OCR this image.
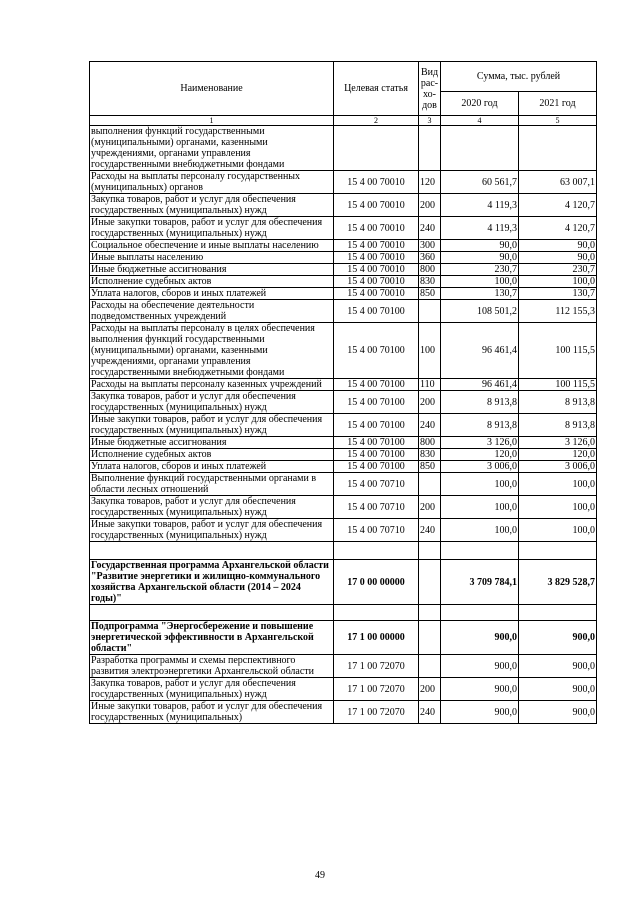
Наименование	Целевая статья	Вид рас- хо- дов	Сумма, тыс. рублей	
			2020 год	2021 год
1	2	3	4	5
выполнения функций государственными (муниципальными) органами, казенными учреждениями, органами управления государственными внебюджетными фондами				
Расходы на выплаты персоналу государственных (муниципальных) органов	15 4 00 70010	120	60 561,7	63 007,1
Закупка товаров, работ и услуг для обеспечения государственных (муниципальных) нужд	15 4 00 70010	200	4 119,3	4 120,7
Иные закупки товаров, работ и услуг для обеспечения государственных (муниципальных) нужд	15 4 00 70010	240	4 119,3	4 120,7
Социальное обеспечение и иные выплаты населению	15 4 00 70010	300	90,0	90,0
Иные выплаты населению	15 4 00 70010	360	90,0	90,0
Иные бюджетные ассигнования	15 4 00 70010	800	230,7	230,7
Исполнение судебных актов	15 4 00 70010	830	100,0	100,0
Уплата налогов, сборов и иных платежей	15 4 00 70010	850	130,7	130,7
Расходы на обеспечение деятельности подведомственных учреждений	15 4 00 70100		108 501,2	112 155,3
Расходы на выплаты персоналу в целях обеспечения выполнения функций государственными (муниципальными) органами, казенными учреждениями, органами управления государственными внебюджетными фондами	15 4 00 70100	100	96 461,4	100 115,5
Расходы на выплаты персоналу казенных учреждений	15 4 00 70100	110	96 461,4	100 115,5
Закупка товаров, работ и услуг для обеспечения государственных (муниципальных) нужд	15 4 00 70100	200	8 913,8	8 913,8
Иные закупки товаров, работ и услуг для обеспечения государственных (муниципальных) нужд	15 4 00 70100	240	8 913,8	8 913,8
Иные бюджетные ассигнования	15 4 00 70100	800	3 126,0	3 126,0
Исполнение судебных актов	15 4 00 70100	830	120,0	120,0
Уплата налогов, сборов и иных платежей	15 4 00 70100	850	3 006,0	3 006,0
Выполнение функций государственными органами в области лесных отношений	15 4 00 70710		100,0	100,0
Закупка товаров, работ и услуг для обеспечения государственных (муниципальных) нужд	15 4 00 70710	200	100,0	100,0
Иные закупки товаров, работ и услуг для обеспечения государственных (муниципальных) нужд	15 4 00 70710	240	100,0	100,0

Государственная программа Архангельской области "Развитие энергетики и жилищно-коммунального хозяйства Архангельской области (2014 – 2024 годы)"	17 0 00 00000		3 709 784,1	3 829 528,7

Подпрограмма "Энергосбережение и повышение энергетической эффективности в Архангельской области"	17 1 00 00000		900,0	900,0
Разработка программы и схемы перспективного развития электроэнергетики Архангельской области	17 1 00 72070		900,0	900,0
Закупка товаров, работ и услуг для обеспечения государственных (муниципальных) нужд	17 1 00 72070	200	900,0	900,0
Иные закупки товаров, работ и услуг для обеспечения государственных (муниципальных)	17 1 00 72070	240	900,0	900,0
49
